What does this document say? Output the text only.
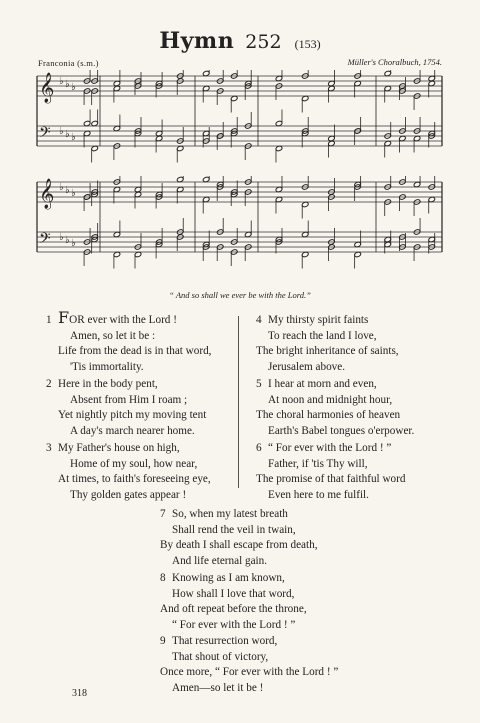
Hymn 252 (153)
Franconia (s.m.)	Müller's Choralbuch, 1754.
𝄞 ♭ ♭ ♭
𝄢 ♭ ♭ ♭
𝄞 ♭ ♭ ♭
𝄢 ♭ ♭ ♭
“ And so shall we ever be with the Lord.”
1 FOR ever with the Lord !
Amen, so let it be :
Life from the dead is in that word,
'Tis immortality.
2 Here in the body pent,
Absent from Him I roam ;
Yet nightly pitch my moving tent
A day's march nearer home.
3 My Father's house on high,
Home of my soul, how near,
At times, to faith's foreseeing eye,
Thy golden gates appear !
4 My thirsty spirit faints
To reach the land I love,
The bright inheritance of saints,
Jerusalem above.
5 I hear at morn and even,
At noon and midnight hour,
The choral harmonies of heaven
Earth's Babel tongues o'erpower.
6 “ For ever with the Lord ! ”
Father, if 'tis Thy will,
The promise of that faithful word
Even here to me fulfil.
7 So, when my latest breath
Shall rend the veil in twain,
By death I shall escape from death,
And life eternal gain.
8 Knowing as I am known,
How shall I love that word,
And oft repeat before the throne,
“ For ever with the Lord ! ”
9 That resurrection word,
That shout of victory,
Once more, “ For ever with the Lord ! ”
Amen—so let it be !
318
